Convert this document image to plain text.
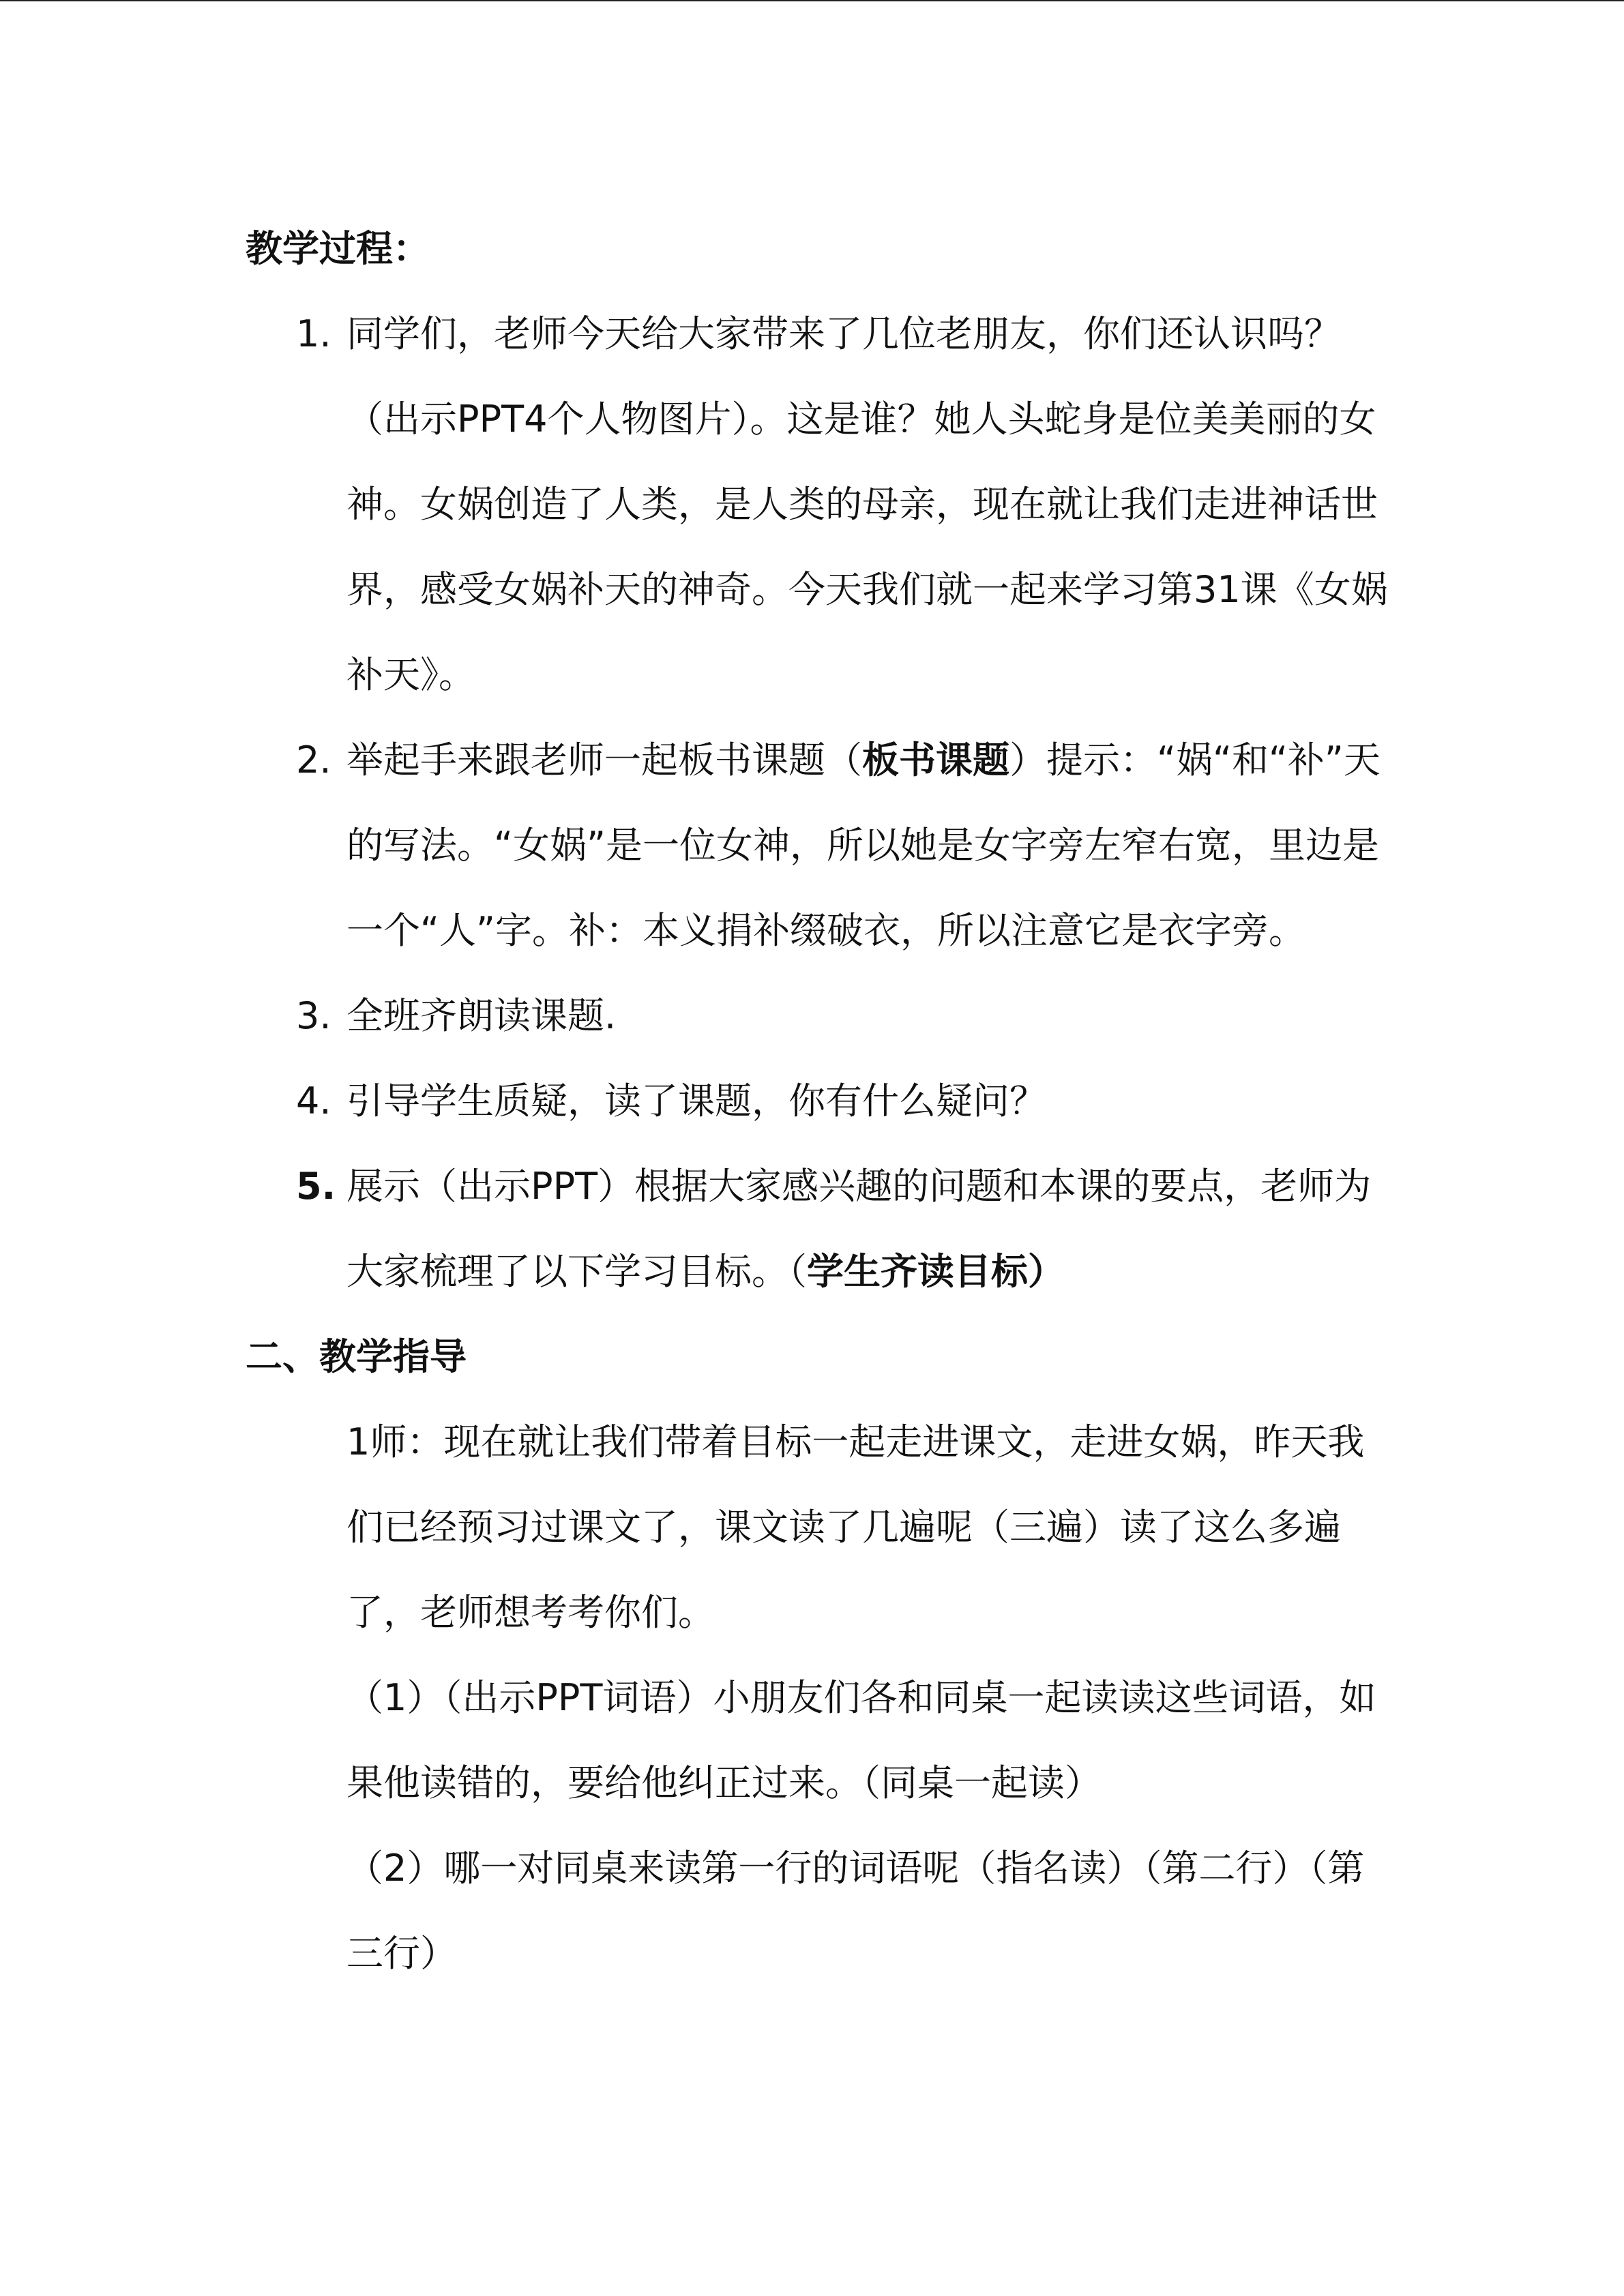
教学过程：
1. 同学们，老师今天给大家带来了几位老朋友，你们还认识吗？（出示PPT4个人物图片）。这是谁？她人头蛇身是位美美丽的女神。女娲创造了人类，是人类的母亲，现在就让我们走进神话世界，感受女娲补天的神奇。今天我们就一起来学习第31课《女娲补天》。
2. 举起手来跟老师一起板书课题（板书课题）提示：“娲“和“补”天的写法。“女娲”是一位女神，所以她是女字旁左窄右宽，里边是一个“人”字。补：本义捐补缀破衣，所以注意它是衣字旁。
3. 全班齐朗读课题.
4. 引导学生质疑，读了课题，你有什么疑问？
5. 展示（出示PPT）根据大家感兴趣的问题和本课的要点，老师为大家梳理了以下学习目标。（学生齐读目标）
二、教学指导

1师：现在就让我们带着目标一起走进课文，走进女娲，昨天我们已经预习过课文了，课文读了几遍呢（三遍）读了这么多遍了，老师想考考你们。

（1）（出示PPT词语）小朋友们各和同桌一起读读这些词语，如果他读错的，要给他纠正过来。（同桌一起读）

（2）哪一对同桌来读第一行的词语呢（指名读）（第二行）（第三行）
